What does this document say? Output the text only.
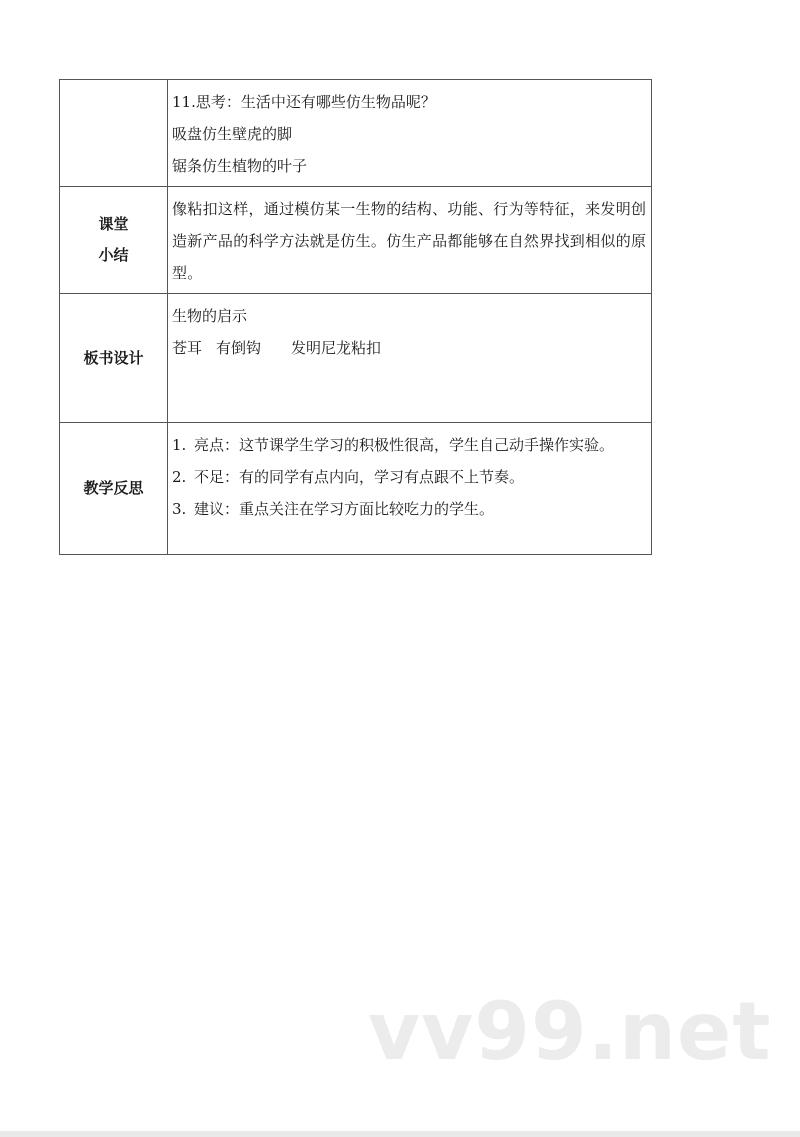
	11.思考：生活中还有哪些仿生物品呢？
吸盘仿生壁虎的脚
锯条仿生植物的叶子

课堂
小结	像粘扣这样，通过模仿某一生物的结构、功能、行为等特征，来发明创造新产品的科学方法就是仿生。仿生产品都能够在自然界找到相似的原型。

板书设计	生物的启示
苍耳 有倒钩 发明尼龙粘扣

教学反思	1. 亮点：这节课学生学习的积极性很高，学生自己动手操作实验。
2. 不足：有的同学有点内向，学习有点跟不上节奏。
3. 建议：重点关注在学习方面比较吃力的学生。
vv99.net
